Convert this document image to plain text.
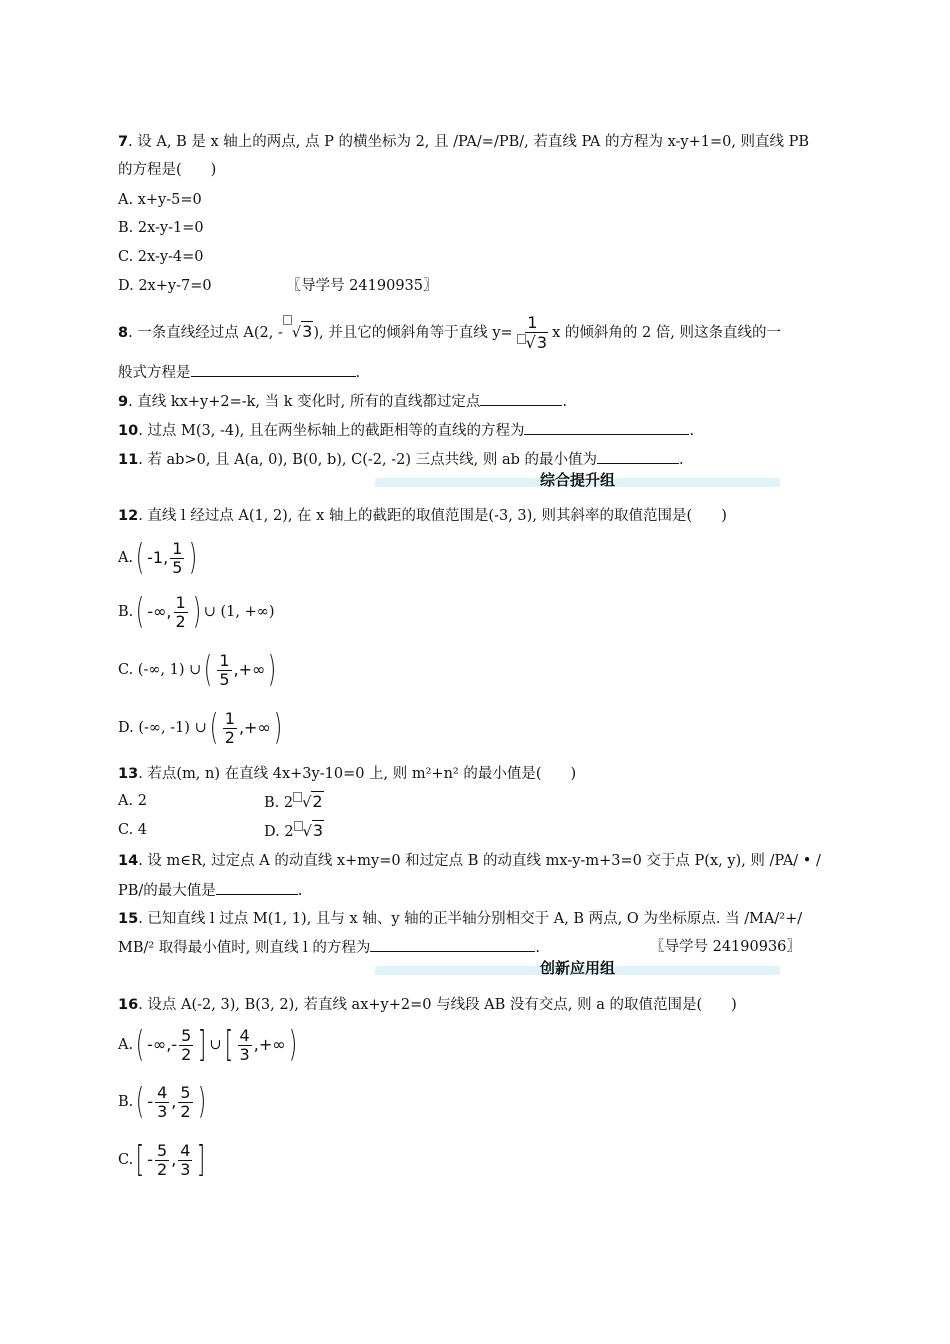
7. 设 A, B 是 x 轴上的两点, 点 P 的横坐标为 2, 且 /PA/=/PB/, 若直线 PA 的方程为 x-y+1=0, 则直线 PB
的方程是(　　)
A. x+y-5=0
B. 2x-y-1=0
C. 2x-y-4=0
D. 2x+y-7=0	〖导学号 24190935〗
8. 一条直线经过点 A(2, - √3), 并且它的倾斜角等于直线 $y= \frac{1}{√3}$ x 的倾斜角的 2 倍, 则这条直线的一
般式方程是	.
9. 直线 kx+y+2=-k, 当 k 变化时, 所有的直线都过定点	.
10. 过点 M(3, -4), 且在两坐标轴上的截距相等的直线的方程为	.
11. 若 ab>0, 且 A(a, 0), B(0, b), C(-2, -2) 三点共线, 则 ab 的最小值为	.
综合提升组
12. 直线 l 经过点 A(1, 2), 在 x 轴上的截距的取值范围是(-3, 3), 则其斜率的取值范围是(　　)
A. ( -1, $\frac{1}{5}$ )
B. ( -∞, $\frac{1}{2}$ ) ∪ (1, +∞)
C.
(-∞, 1) ∪ ( $\frac{1}{5}$ ,+∞ )
D.
(-∞, -1) ∪ ( $\frac{1}{2}$ ,+∞ )
13. 若点(m, n) 在直线 4x+3y-10=0 上, 则 m²+n² 的最小值是(　　)
A. 2	B. 2 √2
C. 4	D. 2 √3
14. 设 m∈R, 过定点 A 的动直线 x+my=0 和过定点 B 的动直线 mx-y-m+3=0 交于点 P(x, y), 则 /PA/ • /
PB/的最大值是	.
15. 已知直线 l 过点 M(1, 1), 且与 x 轴、y 轴的正半轴分别相交于 A, B 两点, O 为坐标原点. 当 /MA/²+/
MB/² 取得最小值时, 则直线 l 的方程为	.	〖导学号 24190936〗
创新应用组
16. 设点 A(-2, 3), B(3, 2), 若直线 ax+y+2=0 与线段 AB 没有交点, 则 a 的取值范围是(　　)
A. ( -∞,- $\frac{5}{2}$ ] ∪ [ $\frac{4}{3}$ ,+∞ )
B. ( - $\frac{4}{3}$ , $\frac{5}{2}$ )
C. [ - $\frac{5}{2}$ , $\frac{4}{3}$ ]
